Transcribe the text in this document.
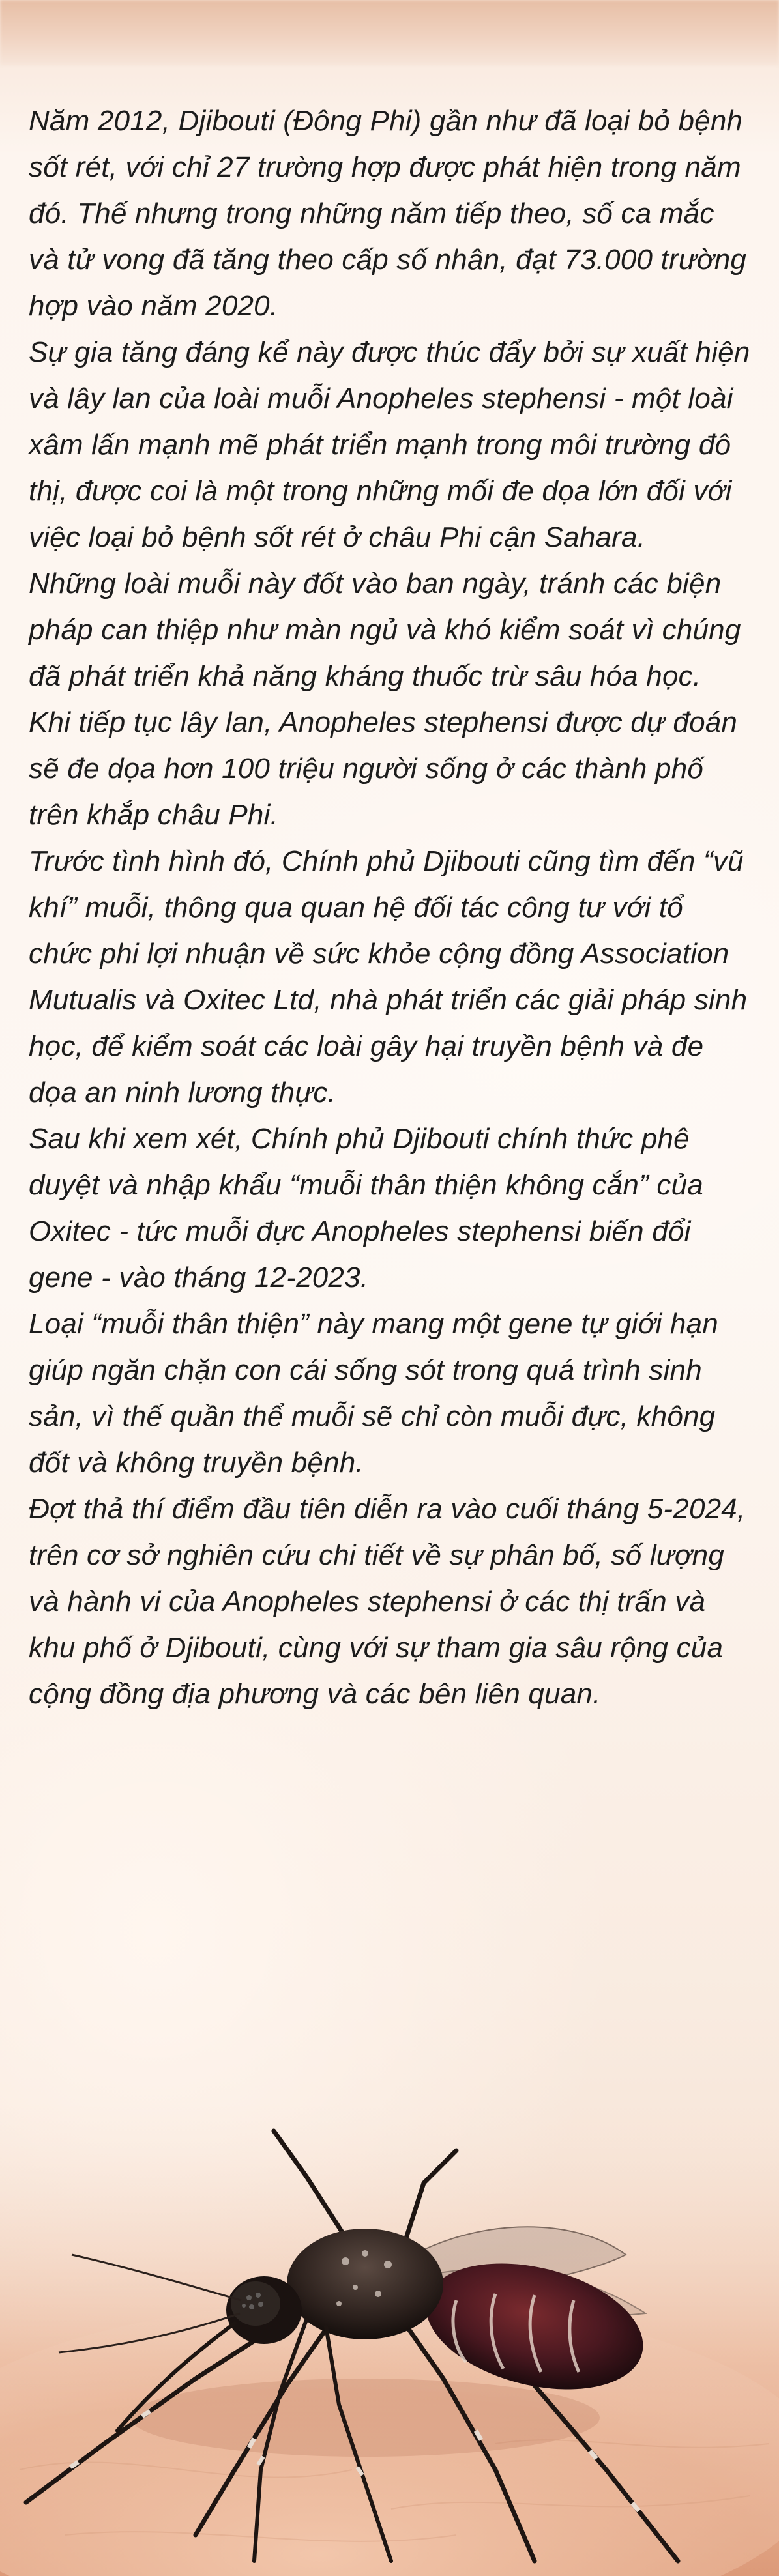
Năm 2012, Djibouti (Đông Phi) gần như đã loại bỏ bệnh sốt rét, với chỉ 27 trường hợp được phát hiện trong năm đó. Thế nhưng trong những năm tiếp theo, số ca mắc và tử vong đã tăng theo cấp số nhân, đạt 73.000 trường hợp vào năm 2020.

Sự gia tăng đáng kể này được thúc đẩy bởi sự xuất hiện và lây lan của loài muỗi Anopheles stephensi - một loài xâm lấn mạnh mẽ phát triển mạnh trong môi trường đô thị, được coi là một trong những mối đe dọa lớn đối với việc loại bỏ bệnh sốt rét ở châu Phi cận Sahara.

Những loài muỗi này đốt vào ban ngày, tránh các biện pháp can thiệp như màn ngủ và khó kiểm soát vì chúng đã phát triển khả năng kháng thuốc trừ sâu hóa học.

Khi tiếp tục lây lan, Anopheles stephensi được dự đoán sẽ đe dọa hơn 100 triệu người sống ở các thành phố trên khắp châu Phi.

Trước tình hình đó, Chính phủ Djibouti cũng tìm đến “vũ khí” muỗi, thông qua quan hệ đối tác công tư với tổ chức phi lợi nhuận về sức khỏe cộng đồng Association Mutualis và Oxitec Ltd, nhà phát triển các giải pháp sinh học, để kiểm soát các loài gây hại truyền bệnh và đe dọa an ninh lương thực.

Sau khi xem xét, Chính phủ Djibouti chính thức phê duyệt và nhập khẩu “muỗi thân thiện không cắn” của Oxitec - tức muỗi đực Anopheles stephensi biến đổi gene - vào tháng 12-2023.

Loại “muỗi thân thiện” này mang một gene tự giới hạn giúp ngăn chặn con cái sống sót trong quá trình sinh sản, vì thế quần thể muỗi sẽ chỉ còn muỗi đực, không đốt và không truyền bệnh.

Đợt thả thí điểm đầu tiên diễn ra vào cuối tháng 5-2024, trên cơ sở nghiên cứu chi tiết về sự phân bố, số lượng và hành vi của Anopheles stephensi ở các thị trấn và khu phố ở Djibouti, cùng với sự tham gia sâu rộng của cộng đồng địa phương và các bên liên quan.
